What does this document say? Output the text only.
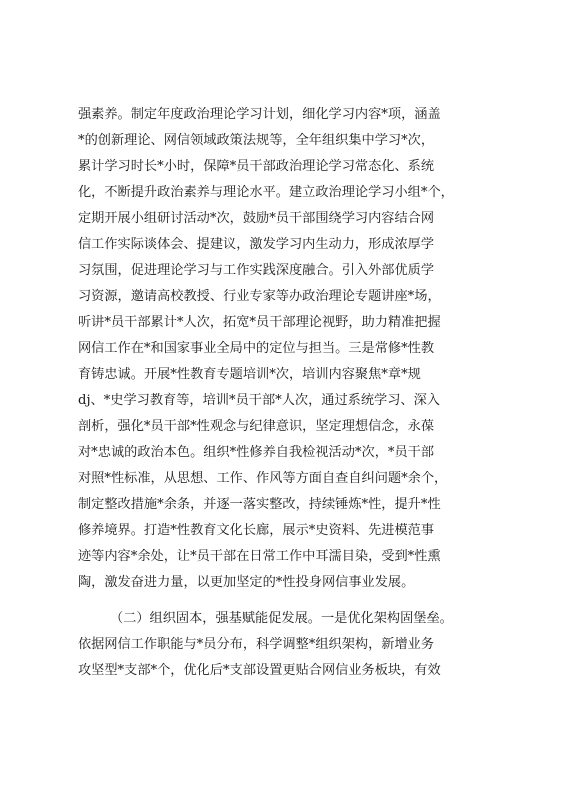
强素养。制定年度政治理论学习计划，细化学习内容*项，涵盖
*的创新理论、网信领域政策法规等，全年组织集中学习*次，
累计学习时长*小时，保障*员干部政治理论学习常态化、系统
化，不断提升政治素养与理论水平。建立政治理论学习小组*个，
定期开展小组研讨活动*次，鼓励*员干部围绕学习内容结合网
信工作实际谈体会、提建议，激发学习内生动力，形成浓厚学
习氛围，促进理论学习与工作实践深度融合。引入外部优质学
习资源，邀请高校教授、行业专家等办政治理论专题讲座*场，
听讲*员干部累计*人次，拓宽*员干部理论视野，助力精准把握
网信工作在*和国家事业全局中的定位与担当。三是常修*性教
育铸忠诚。开展*性教育专题培训*次，培训内容聚焦*章*规
dj、*史学习教育等，培训*员干部*人次，通过系统学习、深入
剖析，强化*员干部*性观念与纪律意识，坚定理想信念，永葆
对*忠诚的政治本色。组织*性修养自我检视活动*次，*员干部
对照*性标准，从思想、工作、作风等方面自查自纠问题*余个，
制定整改措施*余条，并逐一落实整改，持续锤炼*性，提升*性
修养境界。打造*性教育文化长廊，展示*史资料、先进模范事
迹等内容*余处，让*员干部在日常工作中耳濡目染，受到*性熏
陶，激发奋进力量，以更加坚定的*性投身网信事业发展。
（二）组织固本，强基赋能促发展。一是优化架构固堡垒。
依据网信工作职能与*员分布，科学调整*组织架构，新增业务
攻坚型*支部*个，优化后*支部设置更贴合网信业务板块，有效
